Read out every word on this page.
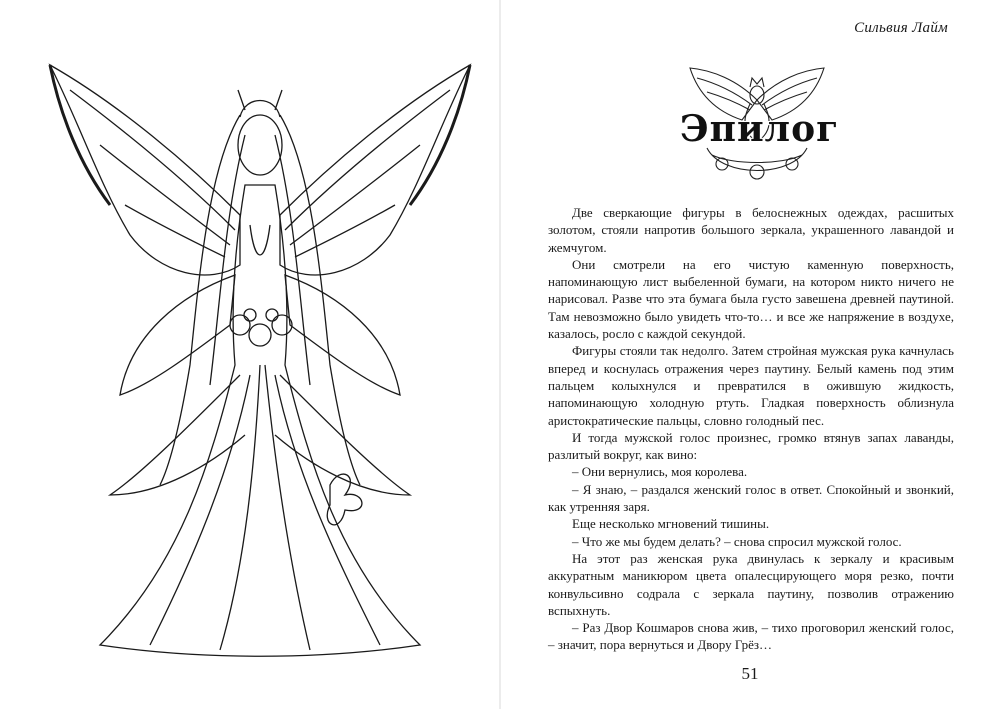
Сильвия Лайм
Эпилог

Две сверкающие фигуры в белоснежных одеждах, расшитых золотом, стояли напротив большого зеркала, украшенного лавандой и жемчугом.

Они смотрели на его чистую каменную поверхность, напоминающую лист выбеленной бумаги, на котором никто ничего не нарисовал. Разве что эта бумага была густо завешена древней паутиной. Там невозможно было увидеть что-то… и все же напряжение в воздухе, казалось, росло с каждой секундой.

Фигуры стояли так недолго. Затем стройная мужская рука качнулась вперед и коснулась отражения через паутину. Белый камень под этим пальцем колыхнулся и превратился в ожившую жидкость, напоминающую холодную ртуть. Гладкая поверхность облизнула аристократические пальцы, словно голодный пес.

И тогда мужской голос произнес, громко втянув запах лаванды, разлитый вокруг, как вино:

– Они вернулись, моя королева.

– Я знаю, – раздался женский голос в ответ. Спокойный и звонкий, как утренняя заря.

Еще несколько мгновений тишины.

– Что же мы будем делать? – снова спросил мужской голос.

На этот раз женская рука двинулась к зеркалу и красивым аккуратным маникюром цвета опалесцирующего моря резко, почти конвульсивно содрала с зеркала паутину, позволив отражению вспыхнуть.

– Раз Двор Кошмаров снова жив, – тихо проговорил женский голос, – значит, пора вернуться и Двору Грёз…

51
